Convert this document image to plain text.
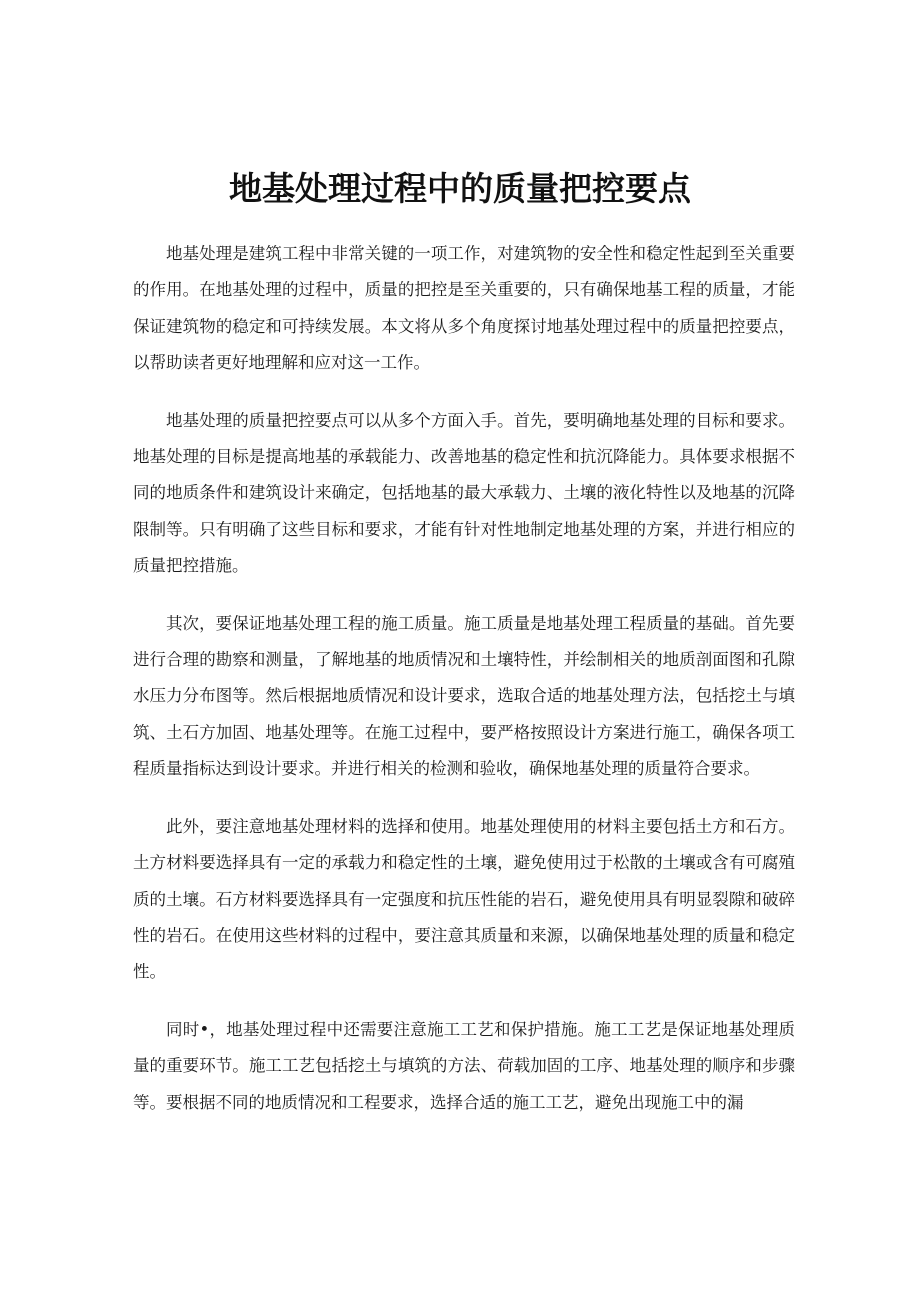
地基处理过程中的质量把控要点

地基处理是建筑工程中非常关键的一项工作，对建筑物的安全性和稳定性起到至关重要的作用。在地基处理的过程中，质量的把控是至关重要的，只有确保地基工程的质量，才能保证建筑物的稳定和可持续发展。本文将从多个角度探讨地基处理过程中的质量把控要点，以帮助读者更好地理解和应对这一工作。

地基处理的质量把控要点可以从多个方面入手。首先，要明确地基处理的目标和要求。地基处理的目标是提高地基的承载能力、改善地基的稳定性和抗沉降能力。具体要求根据不同的地质条件和建筑设计来确定，包括地基的最大承载力、土壤的液化特性以及地基的沉降限制等。只有明确了这些目标和要求，才能有针对性地制定地基处理的方案，并进行相应的质量把控措施。

其次，要保证地基处理工程的施工质量。施工质量是地基处理工程质量的基础。首先要进行合理的勘察和测量，了解地基的地质情况和土壤特性，并绘制相关的地质剖面图和孔隙水压力分布图等。然后根据地质情况和设计要求，选取合适的地基处理方法，包括挖土与填筑、土石方加固、地基处理等。在施工过程中，要严格按照设计方案进行施工，确保各项工程质量指标达到设计要求。并进行相关的检测和验收，确保地基处理的质量符合要求。

此外，要注意地基处理材料的选择和使用。地基处理使用的材料主要包括土方和石方。土方材料要选择具有一定的承载力和稳定性的土壤，避免使用过于松散的土壤或含有可腐殖质的土壤。石方材料要选择具有一定强度和抗压性能的岩石，避免使用具有明显裂隙和破碎性的岩石。在使用这些材料的过程中，要注意其质量和来源，以确保地基处理的质量和稳定性。

同时•，地基处理过程中还需要注意施工工艺和保护措施。施工工艺是保证地基处理质量的重要环节。施工工艺包括挖土与填筑的方法、荷载加固的工序、地基处理的顺序和步骤等。要根据不同的地质情况和工程要求，选择合适的施工工艺，避免出现施工中的漏
